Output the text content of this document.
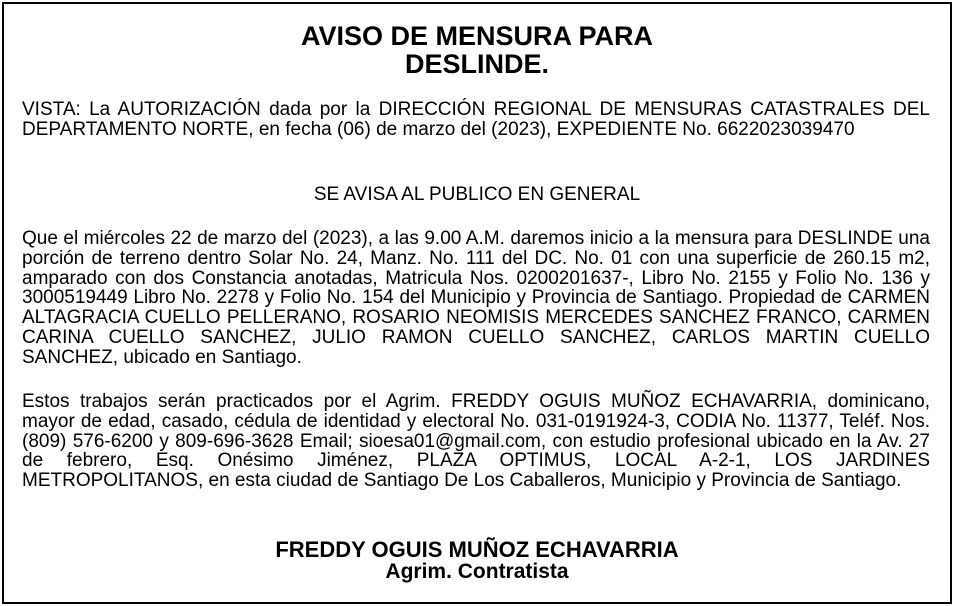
AVISO DE MENSURA PARA
DESLINDE.
VISTA: La AUTORIZACIÓN dada por la DIRECCIÓN REGIONAL DE MENSURAS CATASTRALES DEL DEPARTAMENTO NORTE, en fecha (06) de marzo del (2023), EXPEDIENTE No. 6622023039470
SE AVISA AL PUBLICO EN GENERAL
Que el miércoles 22 de marzo del (2023), a las 9.00 A.M. daremos inicio a la mensura para DESLINDE una porción de terreno dentro Solar No. 24, Manz. No. 111 del DC. No. 01 con una superficie de 260.15 m2, amparado con dos Constancia anotadas, Matricula Nos. 0200201637-, Libro No. 2155 y Folio No. 136 y 3000519449 Libro No. 2278 y Folio No. 154 del Municipio y Provincia de Santiago. Propiedad de CARMEN ALTAGRACIA CUELLO PELLERANO, ROSARIO NEOMISIS MERCEDES SANCHEZ FRANCO, CARMEN CARINA CUELLO SANCHEZ, JULIO RAMON CUELLO SANCHEZ, CARLOS MARTIN CUELLO SANCHEZ, ubicado en Santiago.
Estos trabajos serán practicados por el Agrim. FREDDY OGUIS MUÑOZ ECHAVARRIA, dominicano, mayor de edad, casado, cédula de identidad y electoral No. 031-0191924-3, CODIA No. 11377, Teléf. Nos. (809) 576-6200 y 809-696-3628 Email; sioesa01@gmail.com, con estudio profesional ubicado en la Av. 27 de febrero, Esq. Onésimo Jiménez, PLAZA OPTIMUS, LOCAL A-2-1, LOS JARDINES METROPOLITANOS, en esta ciudad de Santiago De Los Caballeros, Municipio y Provincia de Santiago.
FREDDY OGUIS MUÑOZ ECHAVARRIA
Agrim. Contratista
